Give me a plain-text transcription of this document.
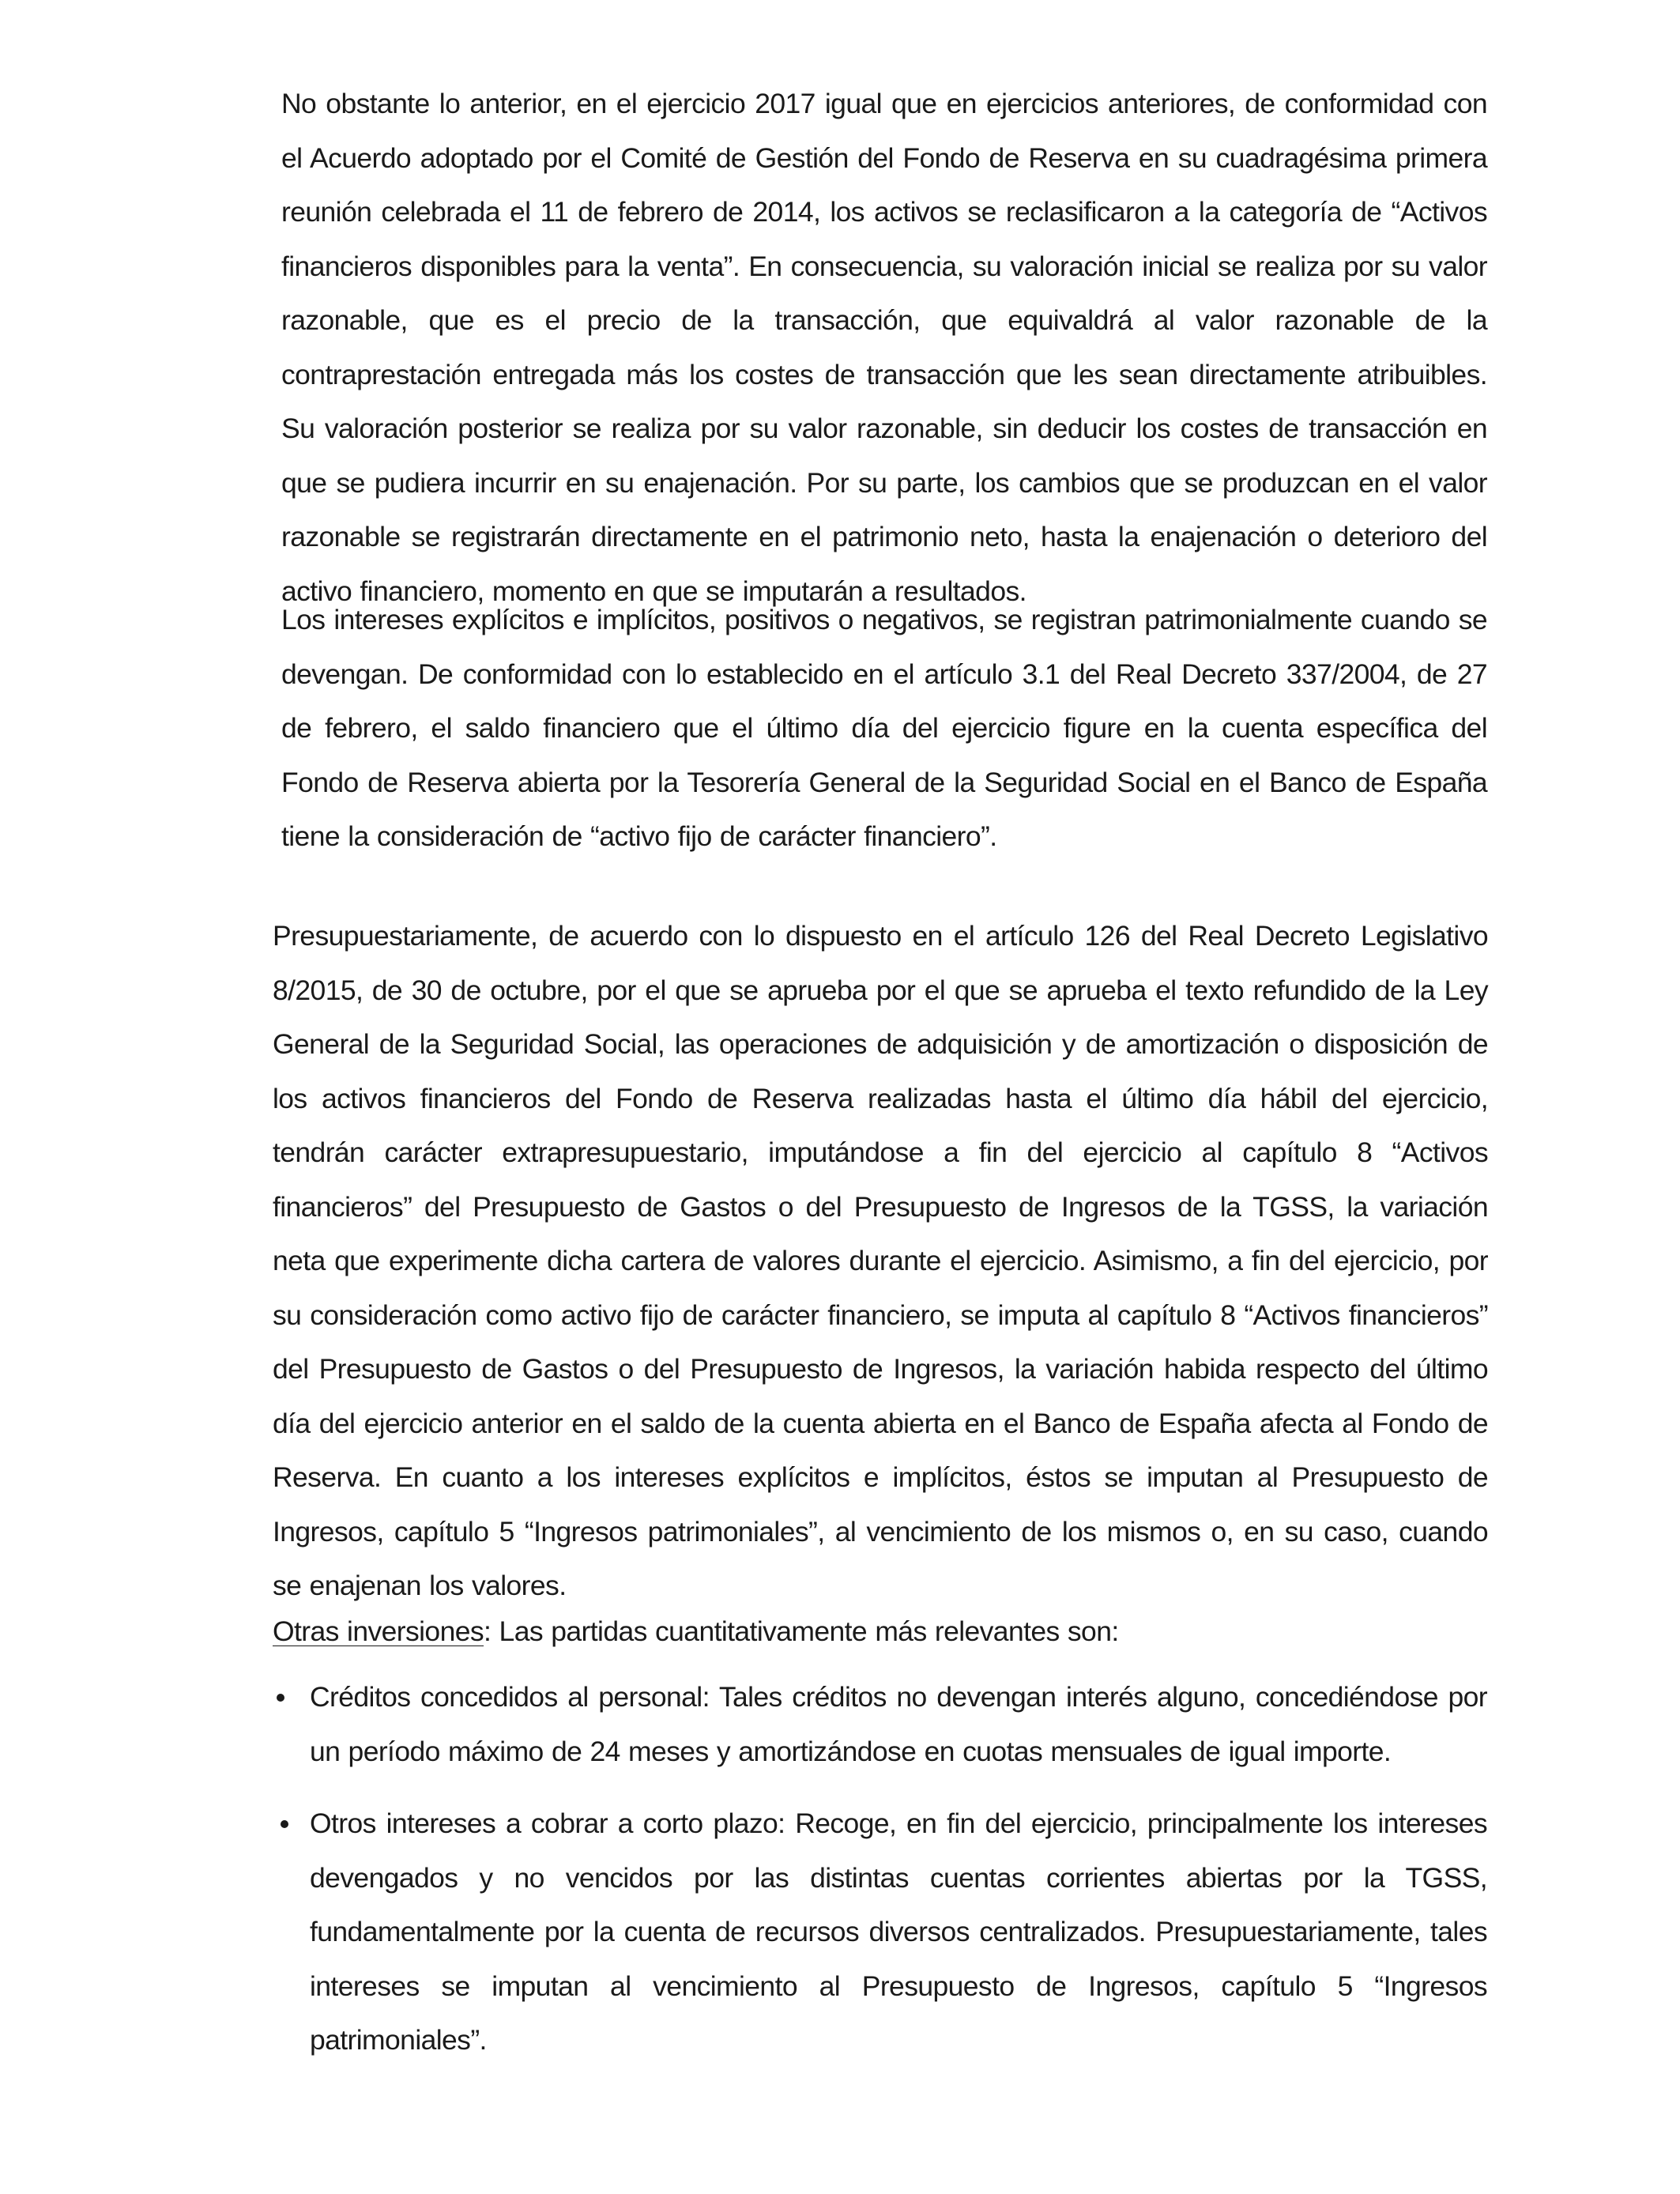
No obstante lo anterior, en el ejercicio 2017 igual que en ejercicios anteriores, de conformidad con el Acuerdo adoptado por el Comité de Gestión del Fondo de Reserva en su cuadragésima primera reunión celebrada el 11 de febrero de 2014, los activos se reclasificaron a la categoría de “Activos financieros disponibles para la venta”. En consecuencia, su valoración inicial se realiza por su valor razonable, que es el precio de la transacción, que equivaldrá al valor razonable de la contraprestación entregada más los costes de transacción que les sean directamente atribuibles. Su valoración posterior se realiza por su valor razonable, sin deducir los costes de transacción en que se pudiera incurrir en su enajenación. Por su parte, los cambios que se produzcan en el valor razonable se registrarán directamente en el patrimonio neto, hasta la enajenación o deterioro del activo financiero, momento en que se imputarán a resultados.

Los intereses explícitos e implícitos, positivos o negativos, se registran patrimonialmente cuando se devengan. De conformidad con lo establecido en el artículo 3.1 del Real Decreto 337/2004, de 27 de febrero, el saldo financiero que el último día del ejercicio figure en la cuenta específica del Fondo de Reserva abierta por la Tesorería General de la Seguridad Social en el Banco de España tiene la consideración de “activo fijo de carácter financiero”.

Presupuestariamente, de acuerdo con lo dispuesto en el artículo 126 del Real Decreto Legislativo 8/2015, de 30 de octubre, por el que se aprueba por el que se aprueba el texto refundido de la Ley General de la Seguridad Social, las operaciones de adquisición y de amortización o disposición de los activos financieros del Fondo de Reserva realizadas hasta el último día hábil del ejercicio, tendrán carácter extrapresupuestario, imputándose a fin del ejercicio al capítulo 8 “Activos financieros” del Presupuesto de Gastos o del Presupuesto de Ingresos de la TGSS, la variación neta que experimente dicha cartera de valores durante el ejercicio. Asimismo, a fin del ejercicio, por su consideración como activo fijo de carácter financiero, se imputa al capítulo 8 “Activos financieros” del Presupuesto de Gastos o del Presupuesto de Ingresos, la variación habida respecto del último día del ejercicio anterior en el saldo de la cuenta abierta en el Banco de España afecta al Fondo de Reserva. En cuanto a los intereses explícitos e implícitos, éstos se imputan al Presupuesto de Ingresos, capítulo 5 “Ingresos patrimoniales”, al vencimiento de los mismos o, en su caso, cuando se enajenan los valores.

Otras inversiones: Las partidas cuantitativamente más relevantes son:

Créditos concedidos al personal: Tales créditos no devengan interés alguno, concediéndose por un período máximo de 24 meses y amortizándose en cuotas mensuales de igual importe.

Otros intereses a cobrar a corto plazo: Recoge, en fin del ejercicio, principalmente los intereses devengados y no vencidos por las distintas cuentas corrientes abiertas por la TGSS, fundamentalmente por la cuenta de recursos diversos centralizados. Presupuestariamente, tales intereses se imputan al vencimiento al Presupuesto de Ingresos, capítulo 5 “Ingresos patrimoniales”.
